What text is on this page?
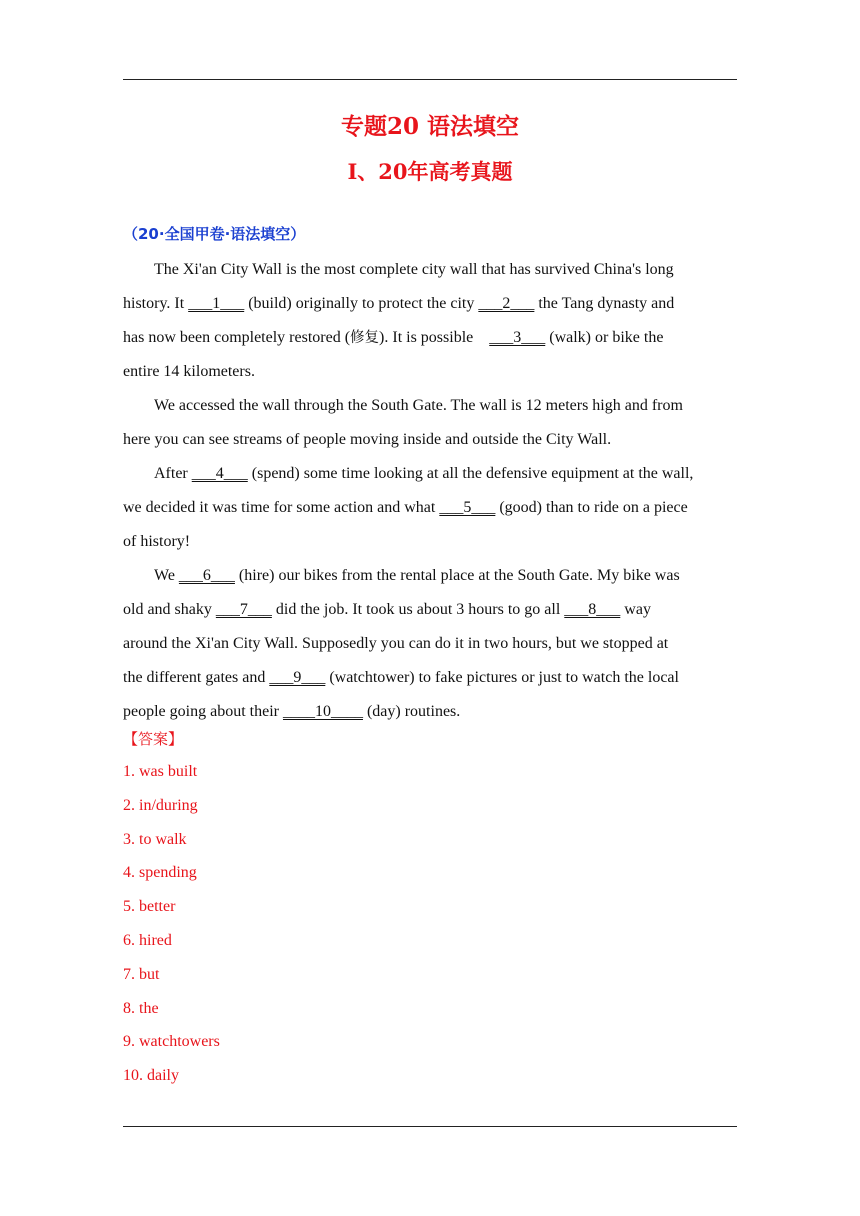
专题20 语法填空
I、20年高考真题
（20·全国甲卷·语法填空）
The Xi'an City Wall is the most complete city wall that has survived China's long
history. It ___1___ (build) originally to protect the city ___2___ the Tang dynasty and
has now been completely restored (修复). It is possible    ___3___ (walk) or bike the
entire 14 kilometers.
We accessed the wall through the South Gate. The wall is 12 meters high and from
here you can see streams of people moving inside and outside the City Wall.
After ___4___ (spend) some time looking at all the defensive equipment at the wall,
we decided it was time for some action and what ___5___ (good) than to ride on a piece
of history!
We ___6___ (hire) our bikes from the rental place at the South Gate. My bike was
old and shaky ___7___ did the job. It took us about 3 hours to go all ___8___ way
around the Xi'an City Wall. Supposedly you can do it in two hours, but we stopped at
the different gates and ___9___ (watchtower) to fake pictures or just to watch the local
people going about their ____10____ (day) routines.
【答案】
1. was built
2. in/during
3. to walk
4. spending
5. better
6. hired
7. but
8. the
9. watchtowers
10. daily
